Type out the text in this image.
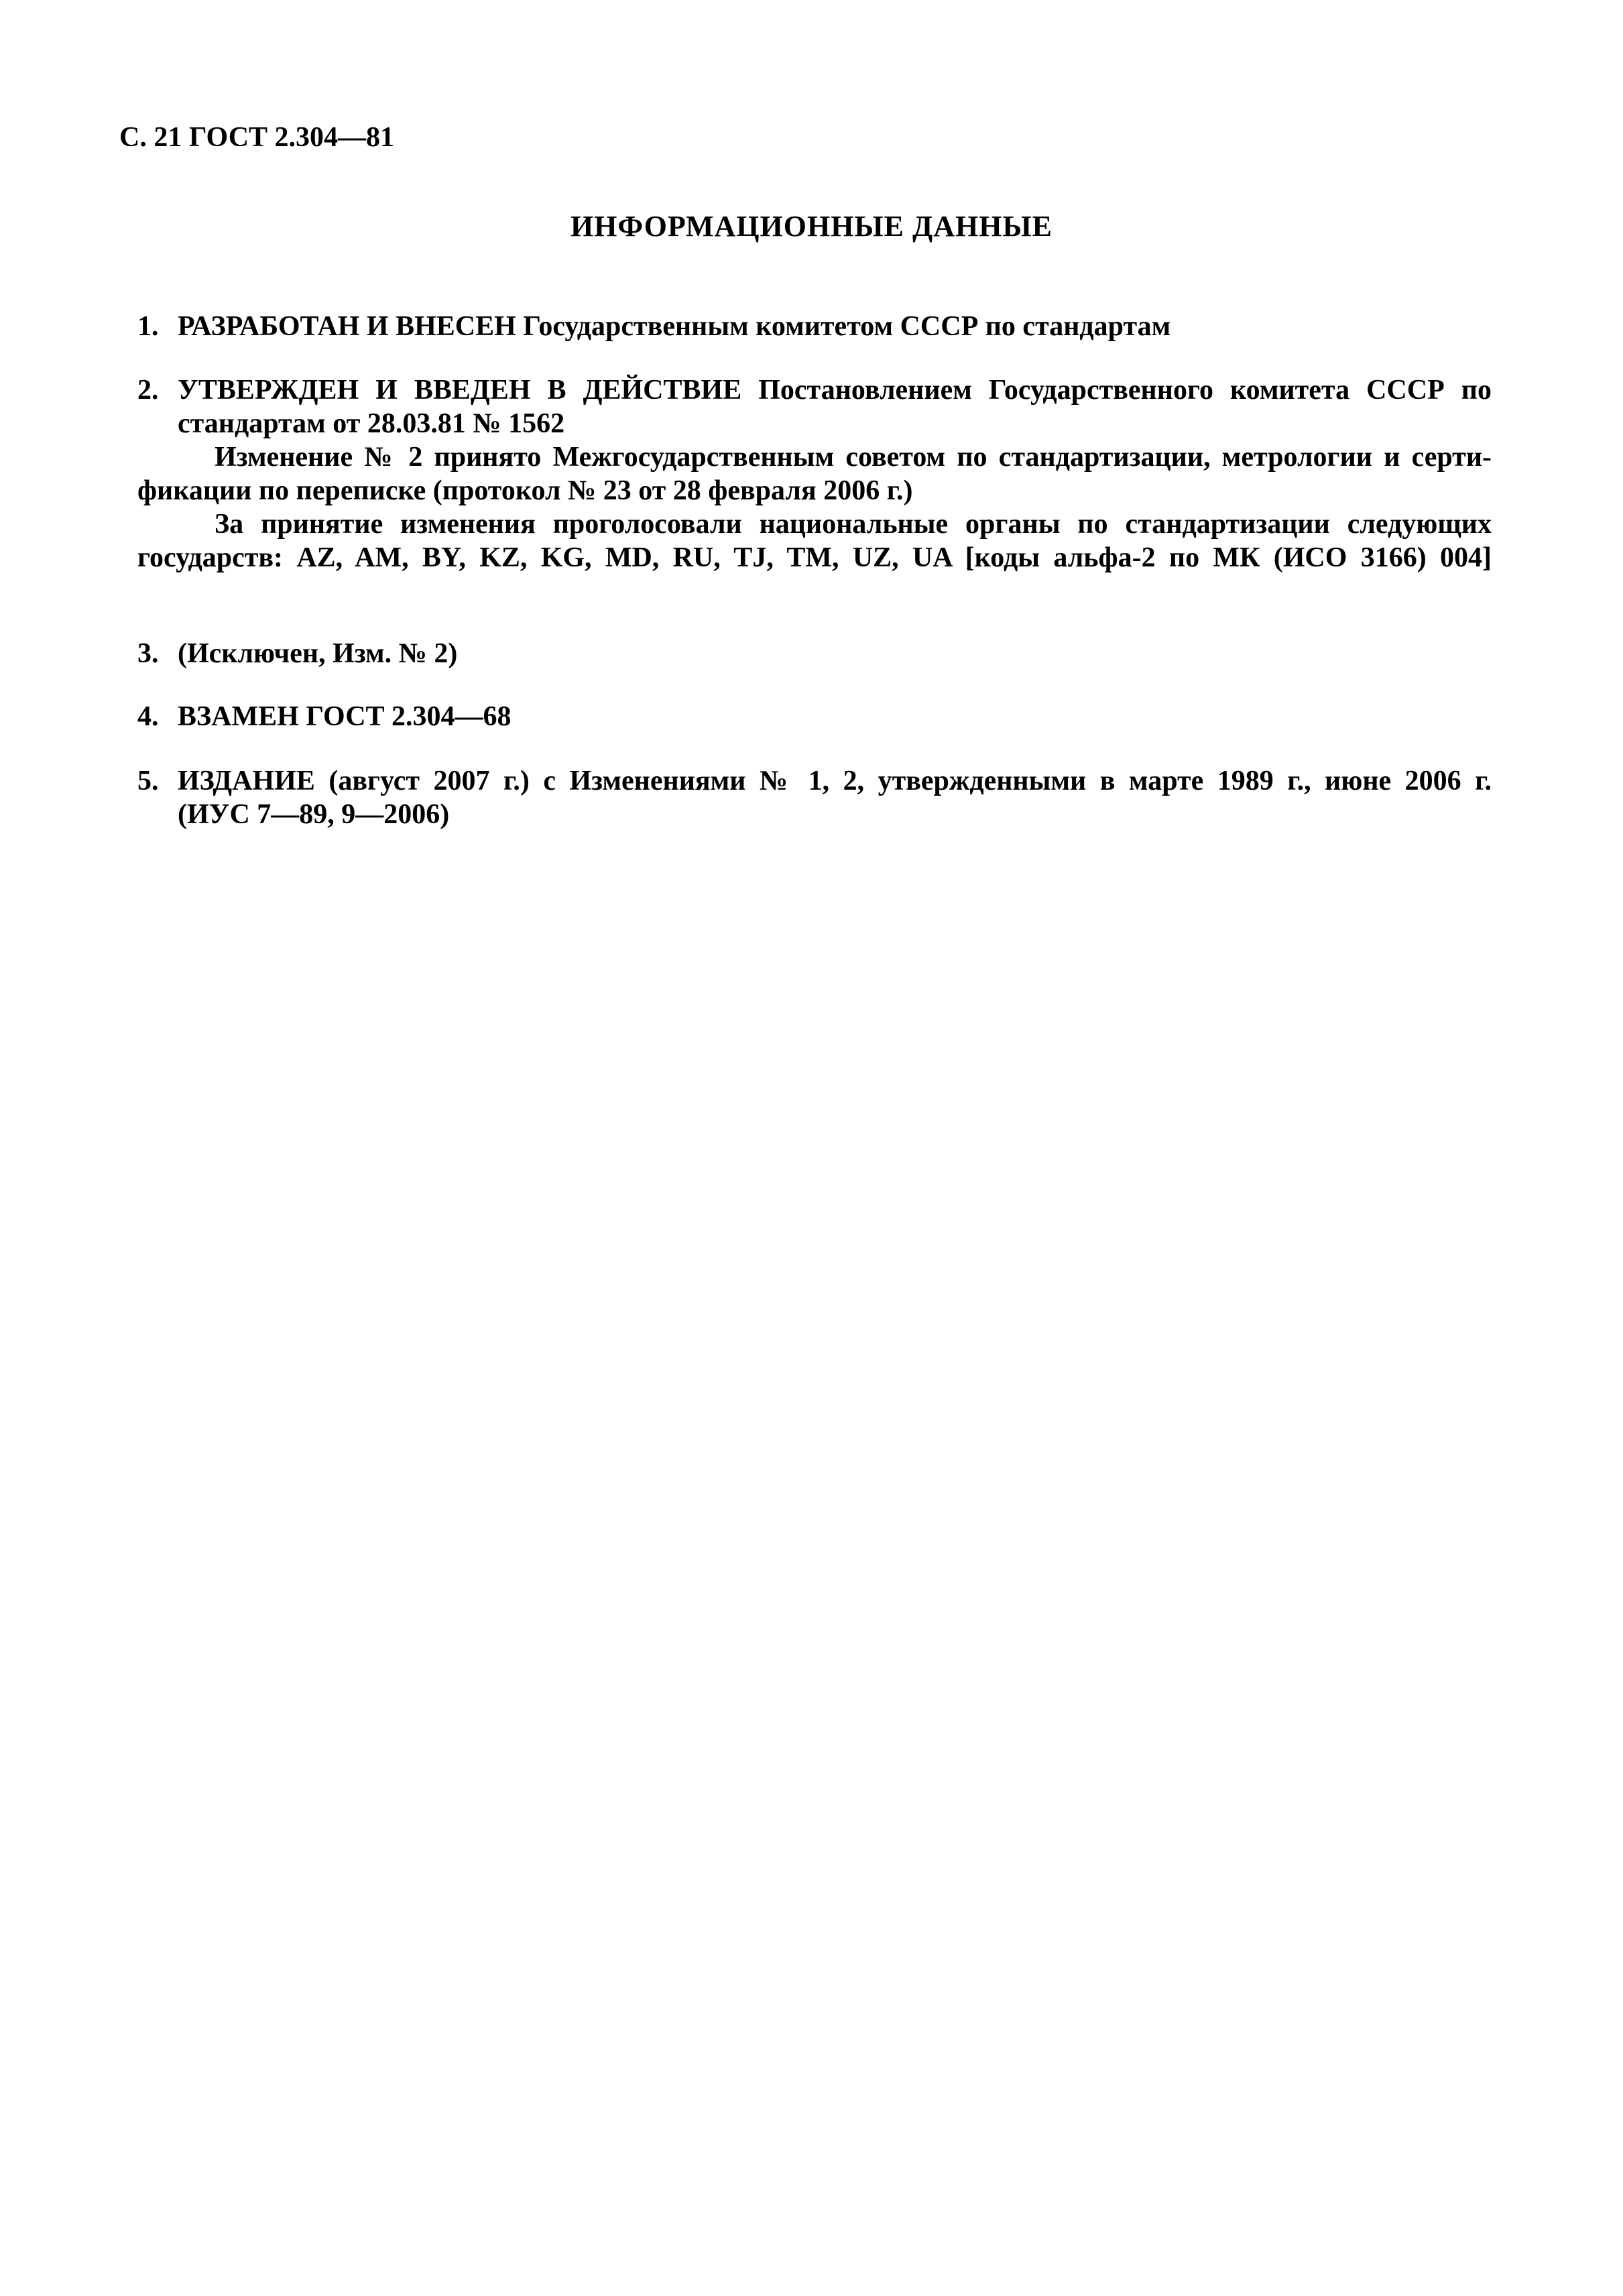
С. 21 ГОСТ 2.304—81
ИНФОРМАЦИОННЫЕ ДАННЫЕ
1. РАЗРАБОТАН И ВНЕСЕН Государственным комитетом СССР по стандартам
2. УТВЕРЖДЕН И ВВЕДЕН В ДЕЙСТВИЕ Постановлением Государственного комитета СССР по
стандартам от 28.03.81 № 1562
Изменение № 2 принято Межгосударственным советом по стандартизации, метрологии и серти-
фикации по переписке (протокол № 23 от 28 февраля 2006 г.)
За принятие изменения проголосовали национальные органы по стандартизации следующих
государств: AZ, AM, BY, KZ, KG, MD, RU, TJ, TM, UZ, UA [коды альфа-2 по МК (ИСО 3166) 004]
3. (Исключен, Изм. № 2)
4. ВЗАМЕН ГОСТ 2.304—68
5. ИЗДАНИЕ (август 2007 г.) с Изменениями № 1, 2, утвержденными в марте 1989 г., июне 2006 г.
(ИУС 7—89, 9—2006)
